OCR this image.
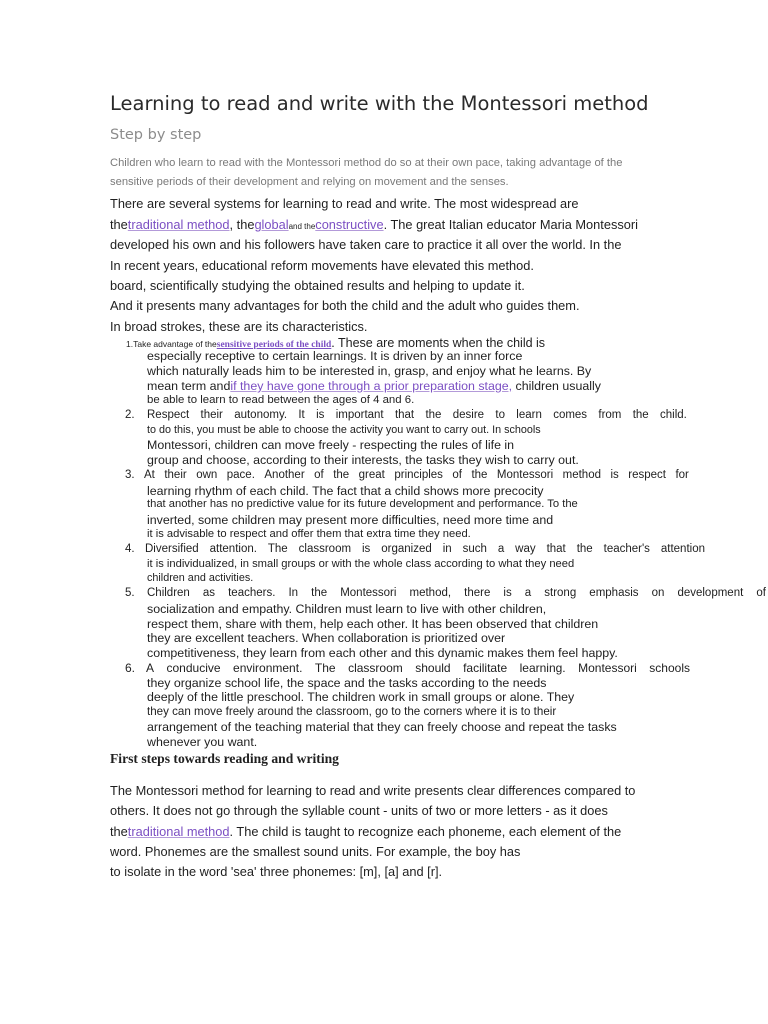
Learning to read and write with the Montessori method
Step by step

Children who learn to read with the Montessori method do so at their own pace, taking advantage of the

sensitive periods of their development and relying on movement and the senses.

There are several systems for learning to read and write. The most widespread are

thetraditional method, theglobaland theconstructive. The great Italian educator Maria Montessori

developed his own and his followers have taken care to practice it all over the world. In the

In recent years, educational reform movements have elevated this method.

board, scientifically studying the obtained results and helping to update it.

And it presents many advantages for both the child and the adult who guides them.

In broad strokes, these are its characteristics.

1.Take advantage of thesensitive periods of the child. These are moments when the child is

especially receptive to certain learnings. It is driven by an inner force

which naturally leads him to be interested in, grasp, and enjoy what he learns. By

mean term andif they have gone through a prior preparation stage, children usually

be able to learn to read between the ages of 4 and 6.

2. Respect their autonomy. It is important that the desire to learn comes from the child.

to do this, you must be able to choose the activity you want to carry out. In schools

Montessori, children can move freely - respecting the rules of life in

group and choose, according to their interests, the tasks they wish to carry out.

3. At their own pace. Another of the great principles of the Montessori method is respect for

learning rhythm of each child. The fact that a child shows more precocity

that another has no predictive value for its future development and performance. To the

inverted, some children may present more difficulties, need more time and

it is advisable to respect and offer them that extra time they need.

4. Diversified attention. The classroom is organized in such a way that the teacher's attention

it is individualized, in small groups or with the whole class according to what they need

children and activities.

5. Children as teachers. In the Montessori method, there is a strong emphasis on development of

socialization and empathy. Children must learn to live with other children,

respect them, share with them, help each other. It has been observed that children

they are excellent teachers. When collaboration is prioritized over

competitiveness, they learn from each other and this dynamic makes them feel happy.

6. A conducive environment. The classroom should facilitate learning. Montessori schools

they organize school life, the space and the tasks according to the needs

deeply of the little preschool. The children work in small groups or alone. They

they can move freely around the classroom, go to the corners where it is to their

arrangement of the teaching material that they can freely choose and repeat the tasks

whenever you want.

First steps towards reading and writing

The Montessori method for learning to read and write presents clear differences compared to

others. It does not go through the syllable count - units of two or more letters - as it does

thetraditional method. The child is taught to recognize each phoneme, each element of the

word. Phonemes are the smallest sound units. For example, the boy has

to isolate in the word 'sea' three phonemes: [m], [a] and [r].
